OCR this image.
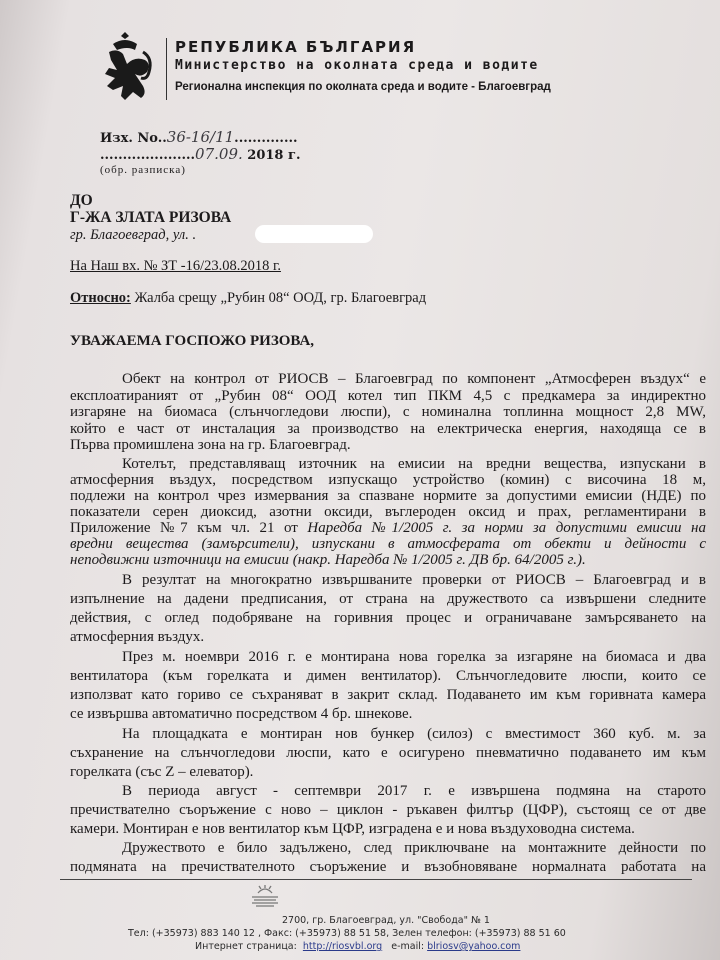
РЕПУБЛИКА БЪЛГАРИЯ
Министерство на околната среда и водите
Регионална инспекция по околната среда и водите - Благоевград
Изх. No..36-16/11..............
.....................07.09. 2018 г.
(обр. разписка)
ДО
Г-ЖА ЗЛАТА РИЗОВА
гр. Благоевград, ул. .
На Наш вх. № ЗТ -16/23.08.2018 г.
Относно: Жалба срещу „Рубин 08“ ООД, гр. Благоевград
УВАЖАЕМА ГОСПОЖО РИЗОВА,
Обект на контрол от РИОСВ – Благоевград по компонент „Атмосферен въздух“ е
експлоатираният от „Рубин 08“ ООД котел тип ПКМ 4,5 с предкамера за индиректно
изгаряне на биомаса (слънчогледови люспи), с номинална топлинна мощност 2,8 MW,
който е част от инсталация за производство на електрическа енергия, находяща се в
Първа промишлена зона на гр. Благоевград.
Котелът, представляващ източник на емисии на вредни вещества, изпускани в
атмосферния въздух, посредством изпускащо устройство (комин) с височина 18 м,
подлежи на контрол чрез измервания за спазване нормите за допустими емисии (НДЕ) по
показатели серен диоксид, азотни оксиди, въглероден оксид и прах, регламентирани в
Приложение №7 към чл. 21 от Наредба №1/2005 г. за норми за допустими емисии на
вредни вещества (замърсители), изпускани в атмосферата от обекти и дейности с
неподвижни източници на емисии (накр. Наредба № 1/2005 г. ДВ бр. 64/2005 г.).
В резултат на многократно извършваните проверки от РИОСВ – Благоевград и в
изпълнение на дадени предписания, от страна на дружеството са извършени следните
действия, с оглед подобряване на горивния процес и ограничаване замърсяването на
атмосферния въздух.
През м. ноември 2016 г. е монтирана нова горелка за изгаряне на биомаса и два
вентилатора (към горелката и димен вентилатор). Слънчогледовите люспи, които се
използват като гориво се съхраняват в закрит склад. Подаването им към горивната камера
се извършва автоматично посредством 4 бр. шнекове.
На площадката е монтиран нов бункер (силоз) с вместимост 360 куб. м. за
съхранение на слънчогледови люспи, като е осигурено пневматично подаването им към
горелката (със Z – елеватор).
В периода август - септември 2017 г. е извършена подмяна на старото
пречиствателно съоръжение с ново – циклон - ръкавен филтър (ЦФР), състоящ се от две
камери. Монтиран е нов вентилатор към ЦФР, изградена е и нова въздуховодна система.
Дружеството е било задължено, след приключване на монтажните дейности по
подмяната на пречиствателното съоръжение и възобновяване нормалната работата на
2700, гр. Благоевград, ул. "Свобода" № 1
Тел: (+35973) 883 140 12 , Факс: (+35973) 88 51 58, Зелен телефон: (+35973) 88 51 60
Интернет страница: http://riosvbl.org e-mail: blriosv@yahoo.com
